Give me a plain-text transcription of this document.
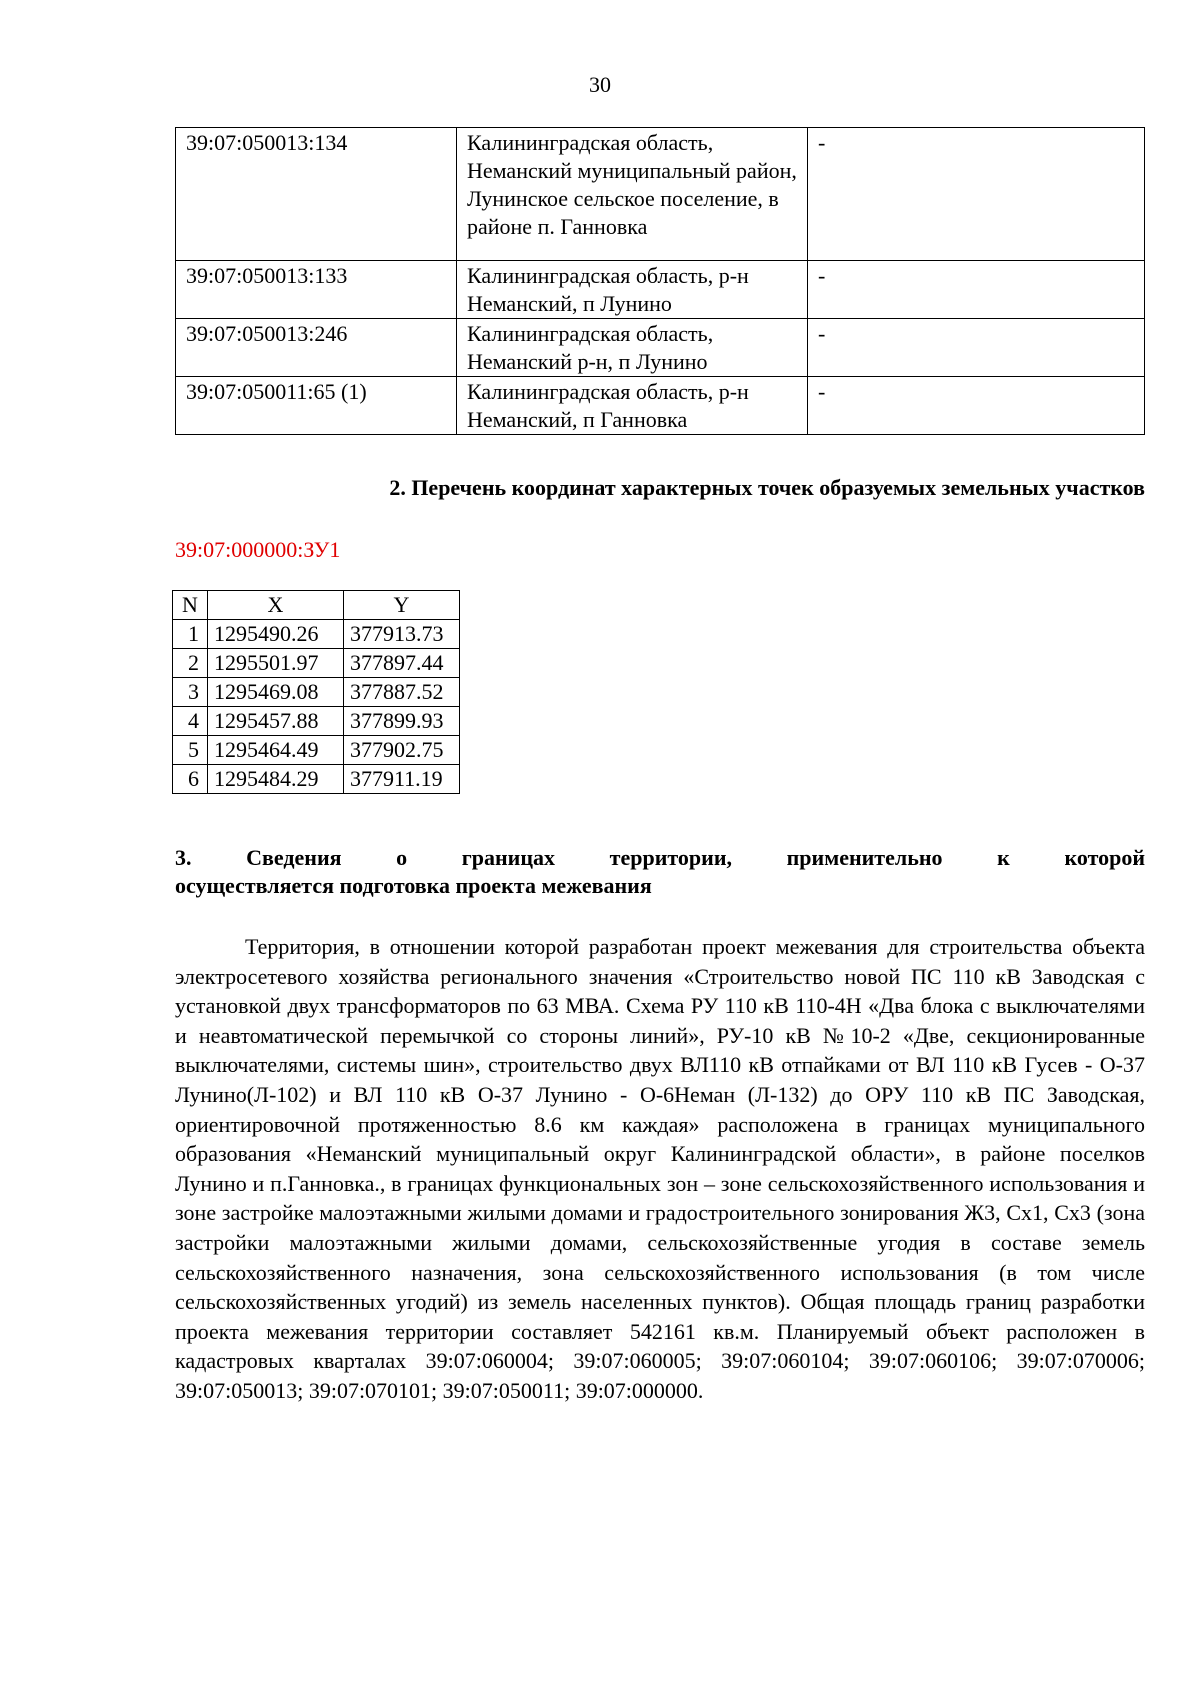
30
39:07:050013:134	Калининградская область, Неманский муниципальный район, Лунинское сельское поселение, в районе п. Ганновка	-
39:07:050013:133	Калининградская область, р-н Неманский, п Лунино	-
39:07:050013:246	Калининградская область, Неманский р-н, п Лунино	-
39:07:050011:65 (1)	Калининградская область, р-н Неманский, п Ганновка	-
2. Перечень координат характерных точек образуемых земельных участков
39:07:000000:ЗУ1
N	X	Y
1	1295490.26	377913.73
2	1295501.97	377897.44
3	1295469.08	377887.52
4	1295457.88	377899.93
5	1295464.49	377902.75
6	1295484.29	377911.19
3. Сведения о границах территории, применительно к которой
осуществляется подготовка проекта межевания

Территория, в отношении которой разработан проект межевания для строительства объекта электросетевого хозяйства регионального значения «Строительство новой ПС 110 кВ Заводская с установкой двух трансформаторов по 63 МВА. Схема РУ 110 кВ 110-4Н «Два блока с выключателями и неавтоматической перемычкой со стороны линий», РУ-10 кВ №10-2 «Две, секционированные выключателями, системы шин», строительство двух ВЛ110 кВ отпайками от ВЛ 110 кВ Гусев - О-37 Лунино(Л-102) и ВЛ 110 кВ О-37 Лунино - О-6Неман (Л-132) до ОРУ 110 кВ ПС Заводская, ориентировочной протяженностью 8.6 км каждая» расположена в границах муниципального образования «Неманский муниципальный округ Калининградской области», в районе поселков Лунино и п.Ганновка., в границах функциональных зон – зоне сельскохозяйственного использования и зоне застройке малоэтажными жилыми домами и градостроительного зонирования Ж3, Сх1, Сх3 (зона застройки малоэтажными жилыми домами, сельскохозяйственные угодия в составе земель сельскохозяйственного назначения, зона сельскохозяйственного использования (в том числе сельскохозяйственных угодий) из земель населенных пунктов). Общая площадь границ разработки проекта межевания территории составляет 542161 кв.м. Планируемый объект расположен в кадастровых кварталах 39:07:060004; 39:07:060005; 39:07:060104; 39:07:060106; 39:07:070006; 39:07:050013; 39:07:070101; 39:07:050011; 39:07:000000.
